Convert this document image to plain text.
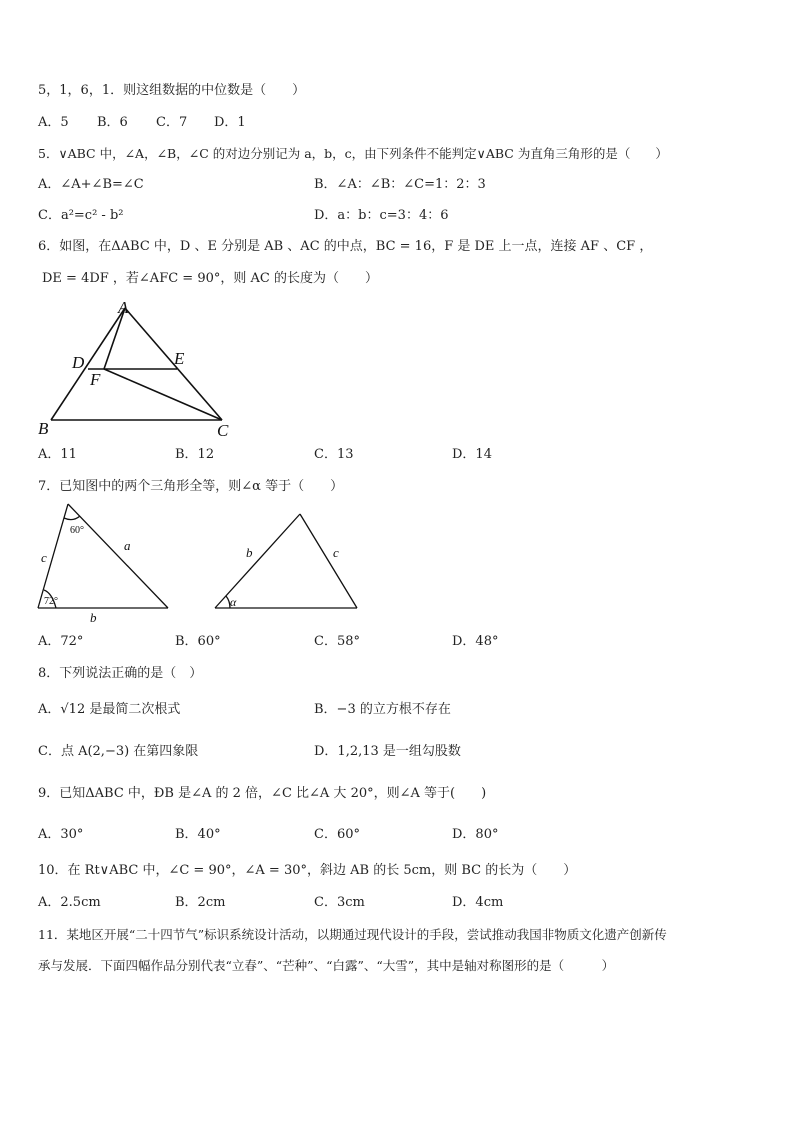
5，1，6，1．则这组数据的中位数是（　　）
A．5 B．6 C．7 D．1
5．∨ABC 中，∠A，∠B，∠C 的对边分别记为 a，b，c，由下列条件不能判定∨ABC 为直角三角形的是（　　）
A．∠A+∠B=∠C	B．∠A：∠B：∠C=1：2：3
C．a²=c² - b²	D．a：b：c=3：4：6
6．如图，在ΔABC 中，D 、E 分别是 AB 、AC 的中点，BC = 16，F 是 DE 上一点，连接 AF 、CF ，
DE = 4DF ，若∠AFC = 90°，则 AC 的长度为（　　）
A
B	C
D	E
F
A．11	B．12	C．13	D．14
7．已知图中的两个三角形全等，则∠α 等于（　　）
60°
72°
c
a
b
b	c
α
A．72°	B．60°	C．58°	D．48°
8．下列说法正确的是（　）
A．√12 是最简二次根式	B．−3 的立方根不存在
C．点 A(2,−3) 在第四象限	D．1,2,13 是一组勾股数
9．已知ΔABC 中，ÐB 是∠A 的 2 倍，∠C 比∠A 大 20°，则∠A 等于(　　)
A．30°	B．40°	C．60°	D．80°
10．在 Rt∨ABC 中，∠C = 90°，∠A = 30°，斜边 AB 的长 5cm，则 BC 的长为（　　）
A．2.5cm	B．2cm	C．3cm	D．4cm
11．某地区开展“二十四节气”标识系统设计活动，以期通过现代设计的手段，尝试推动我国非物质文化遗产创新传
承与发展．下面四幅作品分别代表“立春”、“芒种”、“白露”、“大雪”，其中是轴对称图形的是（　　　）
